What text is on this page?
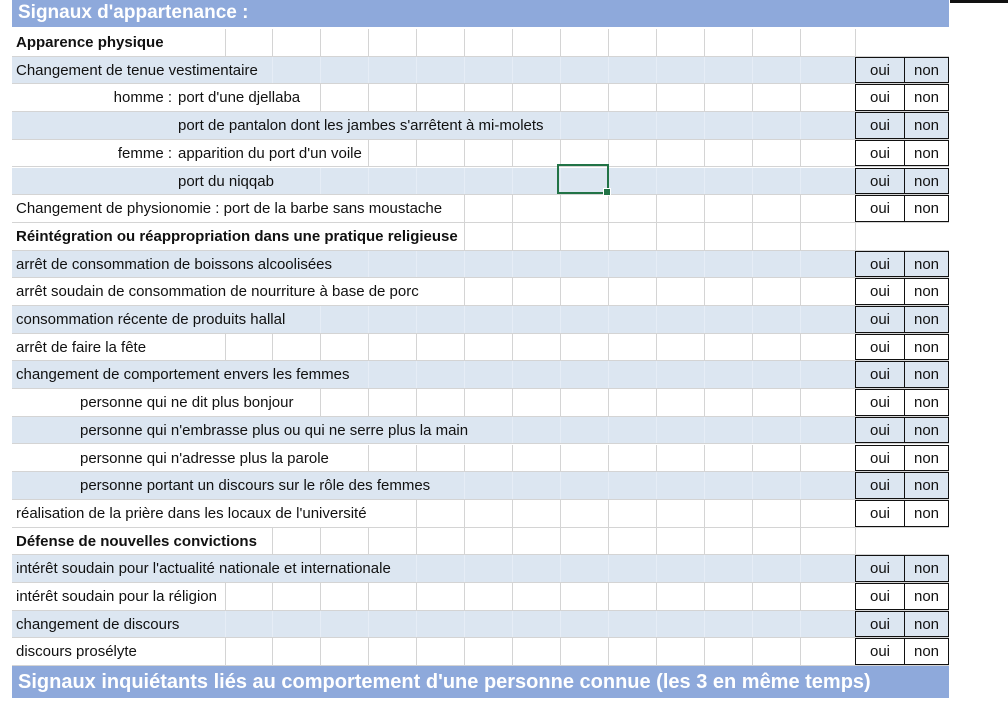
Signaux d'appartenance :
Apparence physique
Changement de tenue vestimentaire	oui	non
homme : port d'une djellaba	oui	non
port de pantalon dont les jambes s'arrêtent à mi-molets	oui	non
femme : apparition du port d'un voile	oui	non
port du niqqab	oui	non
Changement de physionomie : port de la barbe sans moustache	oui	non
Réintégration ou réappropriation dans une pratique religieuse
arrêt de consommation de boissons alcoolisées	oui	non
arrêt soudain de consommation de nourriture à base de porc	oui	non
consommation récente de produits hallal	oui	non
arrêt de faire la fête	oui	non
changement de comportement envers les femmes	oui	non
personne qui ne dit plus bonjour	oui	non
personne qui n'embrasse plus ou qui ne serre plus la main	oui	non
personne qui n'adresse plus la parole	oui	non
personne portant un discours sur le rôle des femmes	oui	non
réalisation de la prière dans les locaux de l'université	oui	non
Défense de nouvelles convictions
intérêt soudain pour l'actualité nationale et internationale	oui	non
intérêt soudain pour la réligion	oui	non
changement de discours	oui	non
discours prosélyte	oui	non
Signaux inquiétants liés au comportement d'une personne connue (les 3 en même temps)
